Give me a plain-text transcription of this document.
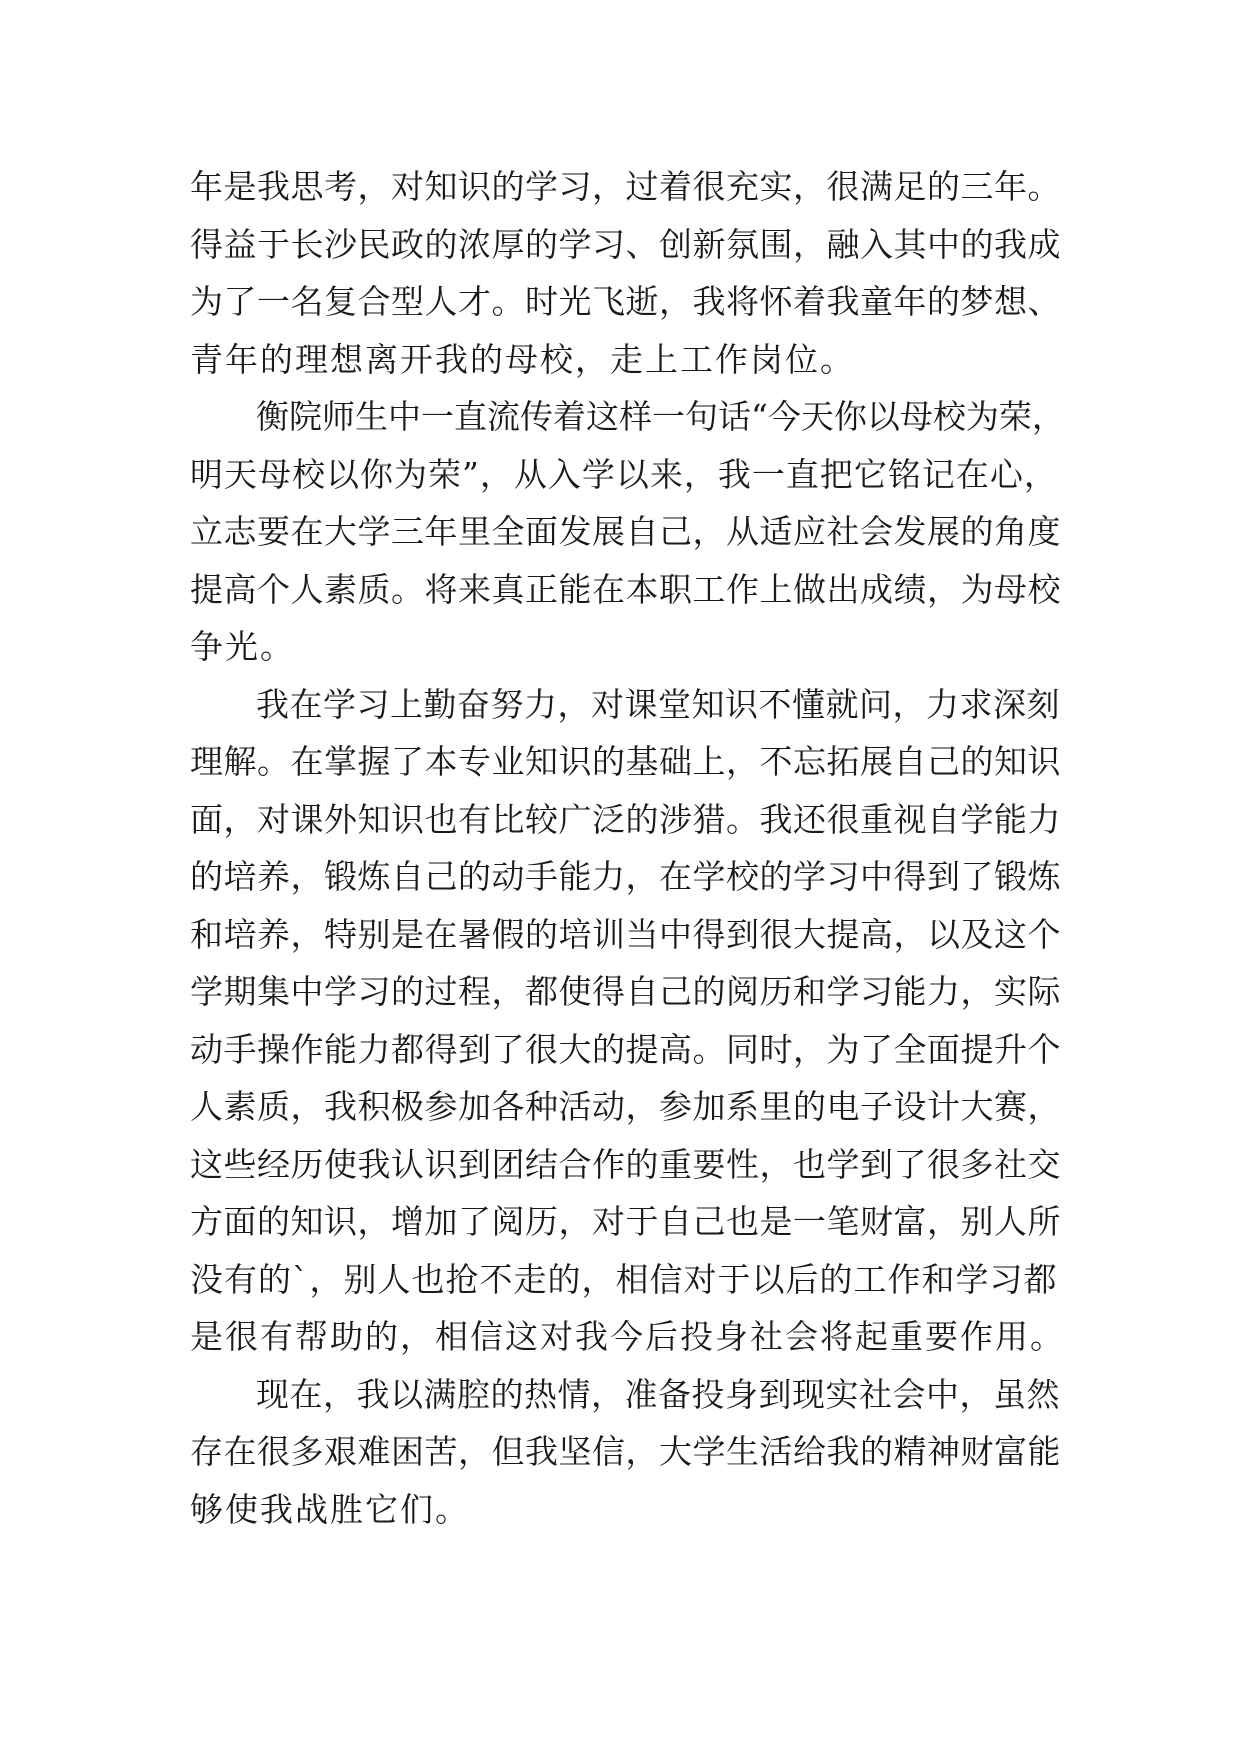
年是我思考，对知识的学习，过着很充实，很满足的三年。
得益于长沙民政的浓厚的学习、创新氛围，融入其中的我成
为了一名复合型人才。时光飞逝，我将怀着我童年的梦想、
青年的理想离开我的母校，走上工作岗位。
衡院师生中一直流传着这样一句话“今天你以母校为荣，
明天母校以你为荣”，从入学以来，我一直把它铭记在心，
立志要在大学三年里全面发展自己，从适应社会发展的角度
提高个人素质。将来真正能在本职工作上做出成绩，为母校
争光。
我在学习上勤奋努力，对课堂知识不懂就问，力求深刻
理解。在掌握了本专业知识的基础上，不忘拓展自己的知识
面，对课外知识也有比较广泛的涉猎。我还很重视自学能力
的培养，锻炼自己的动手能力，在学校的学习中得到了锻炼
和培养，特别是在暑假的培训当中得到很大提高，以及这个
学期集中学习的过程，都使得自己的阅历和学习能力，实际
动手操作能力都得到了很大的提高。同时，为了全面提升个
人素质，我积极参加各种活动，参加系里的电子设计大赛，
这些经历使我认识到团结合作的重要性，也学到了很多社交
方面的知识，增加了阅历，对于自己也是一笔财富，别人所
没有的`，别人也抢不走的，相信对于以后的工作和学习都
是很有帮助的，相信这对我今后投身社会将起重要作用。
现在，我以满腔的热情，准备投身到现实社会中，虽然
存在很多艰难困苦，但我坚信，大学生活给我的精神财富能
够使我战胜它们。
